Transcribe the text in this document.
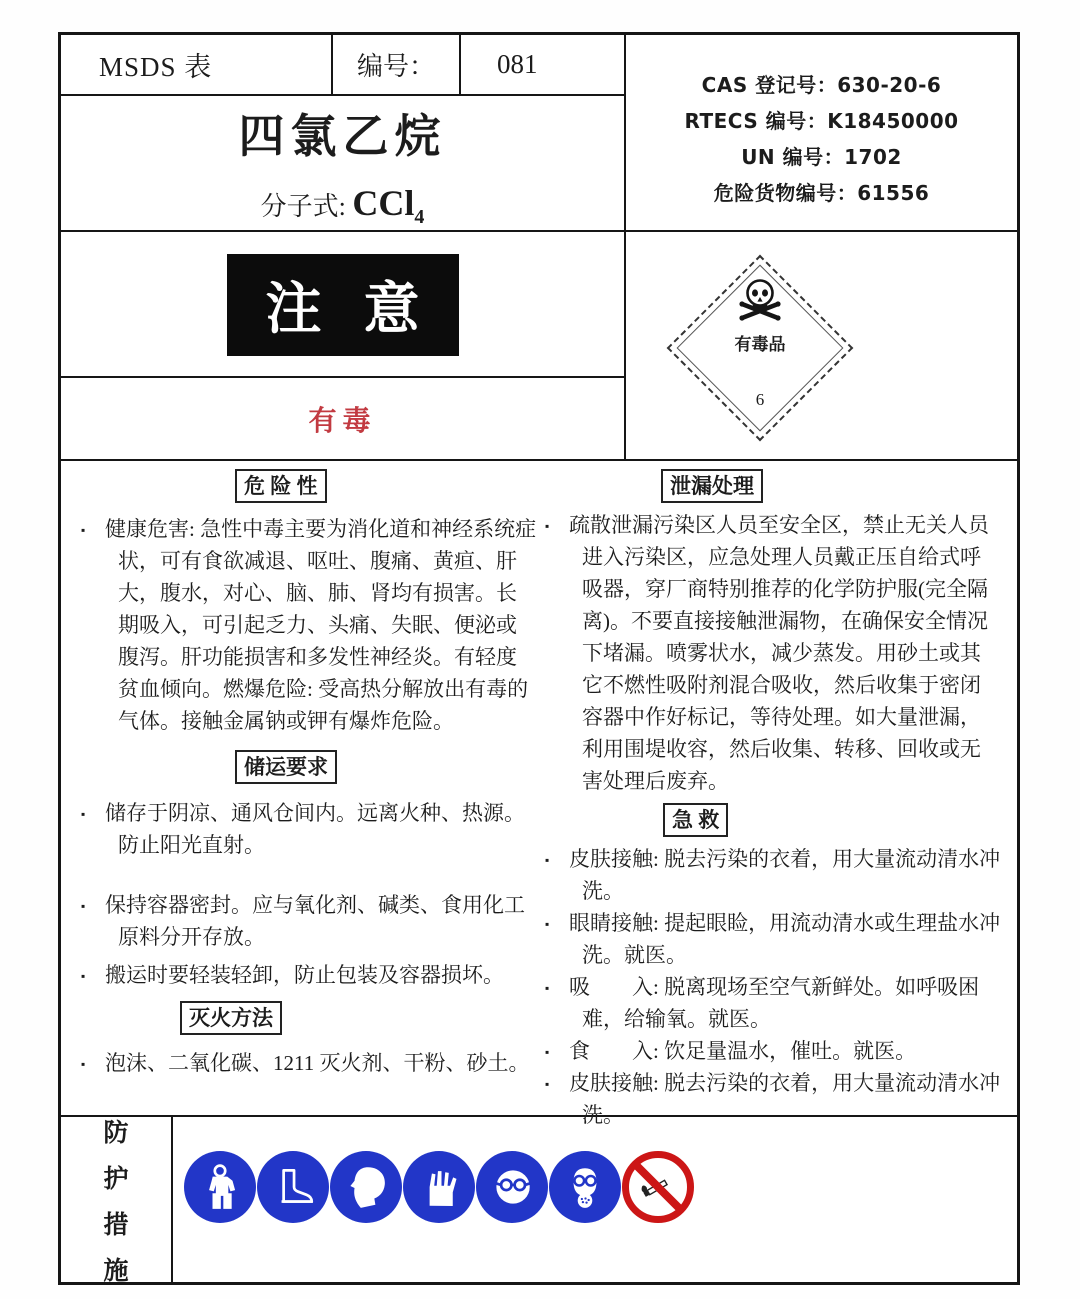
MSDS 表	编号： 081
四氯乙烷
分子式: CCl$_4$
CAS 登记号：630-20-6
RTECS 编号：K18450000
UN 编号：1702
危险货物编号：61556
注 意
有毒
有毒品
6
危 险 性
▪ 健康危害: 急性中毒主要为消化道和神经系统症状，可有食欲减退、呕吐、腹痛、黄疸、肝大，腹水，对心、脑、肺、肾均有损害。长期吸入，可引起乏力、头痛、失眠、便泌或腹泻。肝功能损害和多发性神经炎。有轻度贫血倾向。燃爆危险: 受高热分解放出有毒的气体。接触金属钠或钾有爆炸危险。
储运要求
▪ 储存于阴凉、通风仓间内。远离火种、热源。防止阳光直射。
▪ 保持容器密封。应与氧化剂、碱类、食用化工原料分开存放。
▪ 搬运时要轻装轻卸，防止包装及容器损坏。
灭火方法
▪ 泡沫、二氧化碳、1211 灭火剂、干粉、砂土。
泄漏处理
▪ 疏散泄漏污染区人员至安全区，禁止无关人员进入污染区，应急处理人员戴正压自给式呼吸器，穿厂商特别推荐的化学防护服(完全隔离)。不要直接接触泄漏物，在确保安全情况下堵漏。喷雾状水，减少蒸发。用砂土或其它不燃性吸附剂混合吸收，然后收集于密闭容器中作好标记，等待处理。如大量泄漏，利用围堤收容，然后收集、转移、回收或无害处理后废弃。
急 救
▪ 皮肤接触: 脱去污染的衣着，用大量流动清水冲洗。
▪ 眼睛接触: 提起眼睑，用流动清水或生理盐水冲洗。就医。
▪ 吸　　入: 脱离现场至空气新鲜处。如呼吸困难，给输氧。就医。
▪ 食　　入: 饮足量温水，催吐。就医。
▪ 皮肤接触: 脱去污染的衣着，用大量流动清水冲洗。
防
护
措
施
